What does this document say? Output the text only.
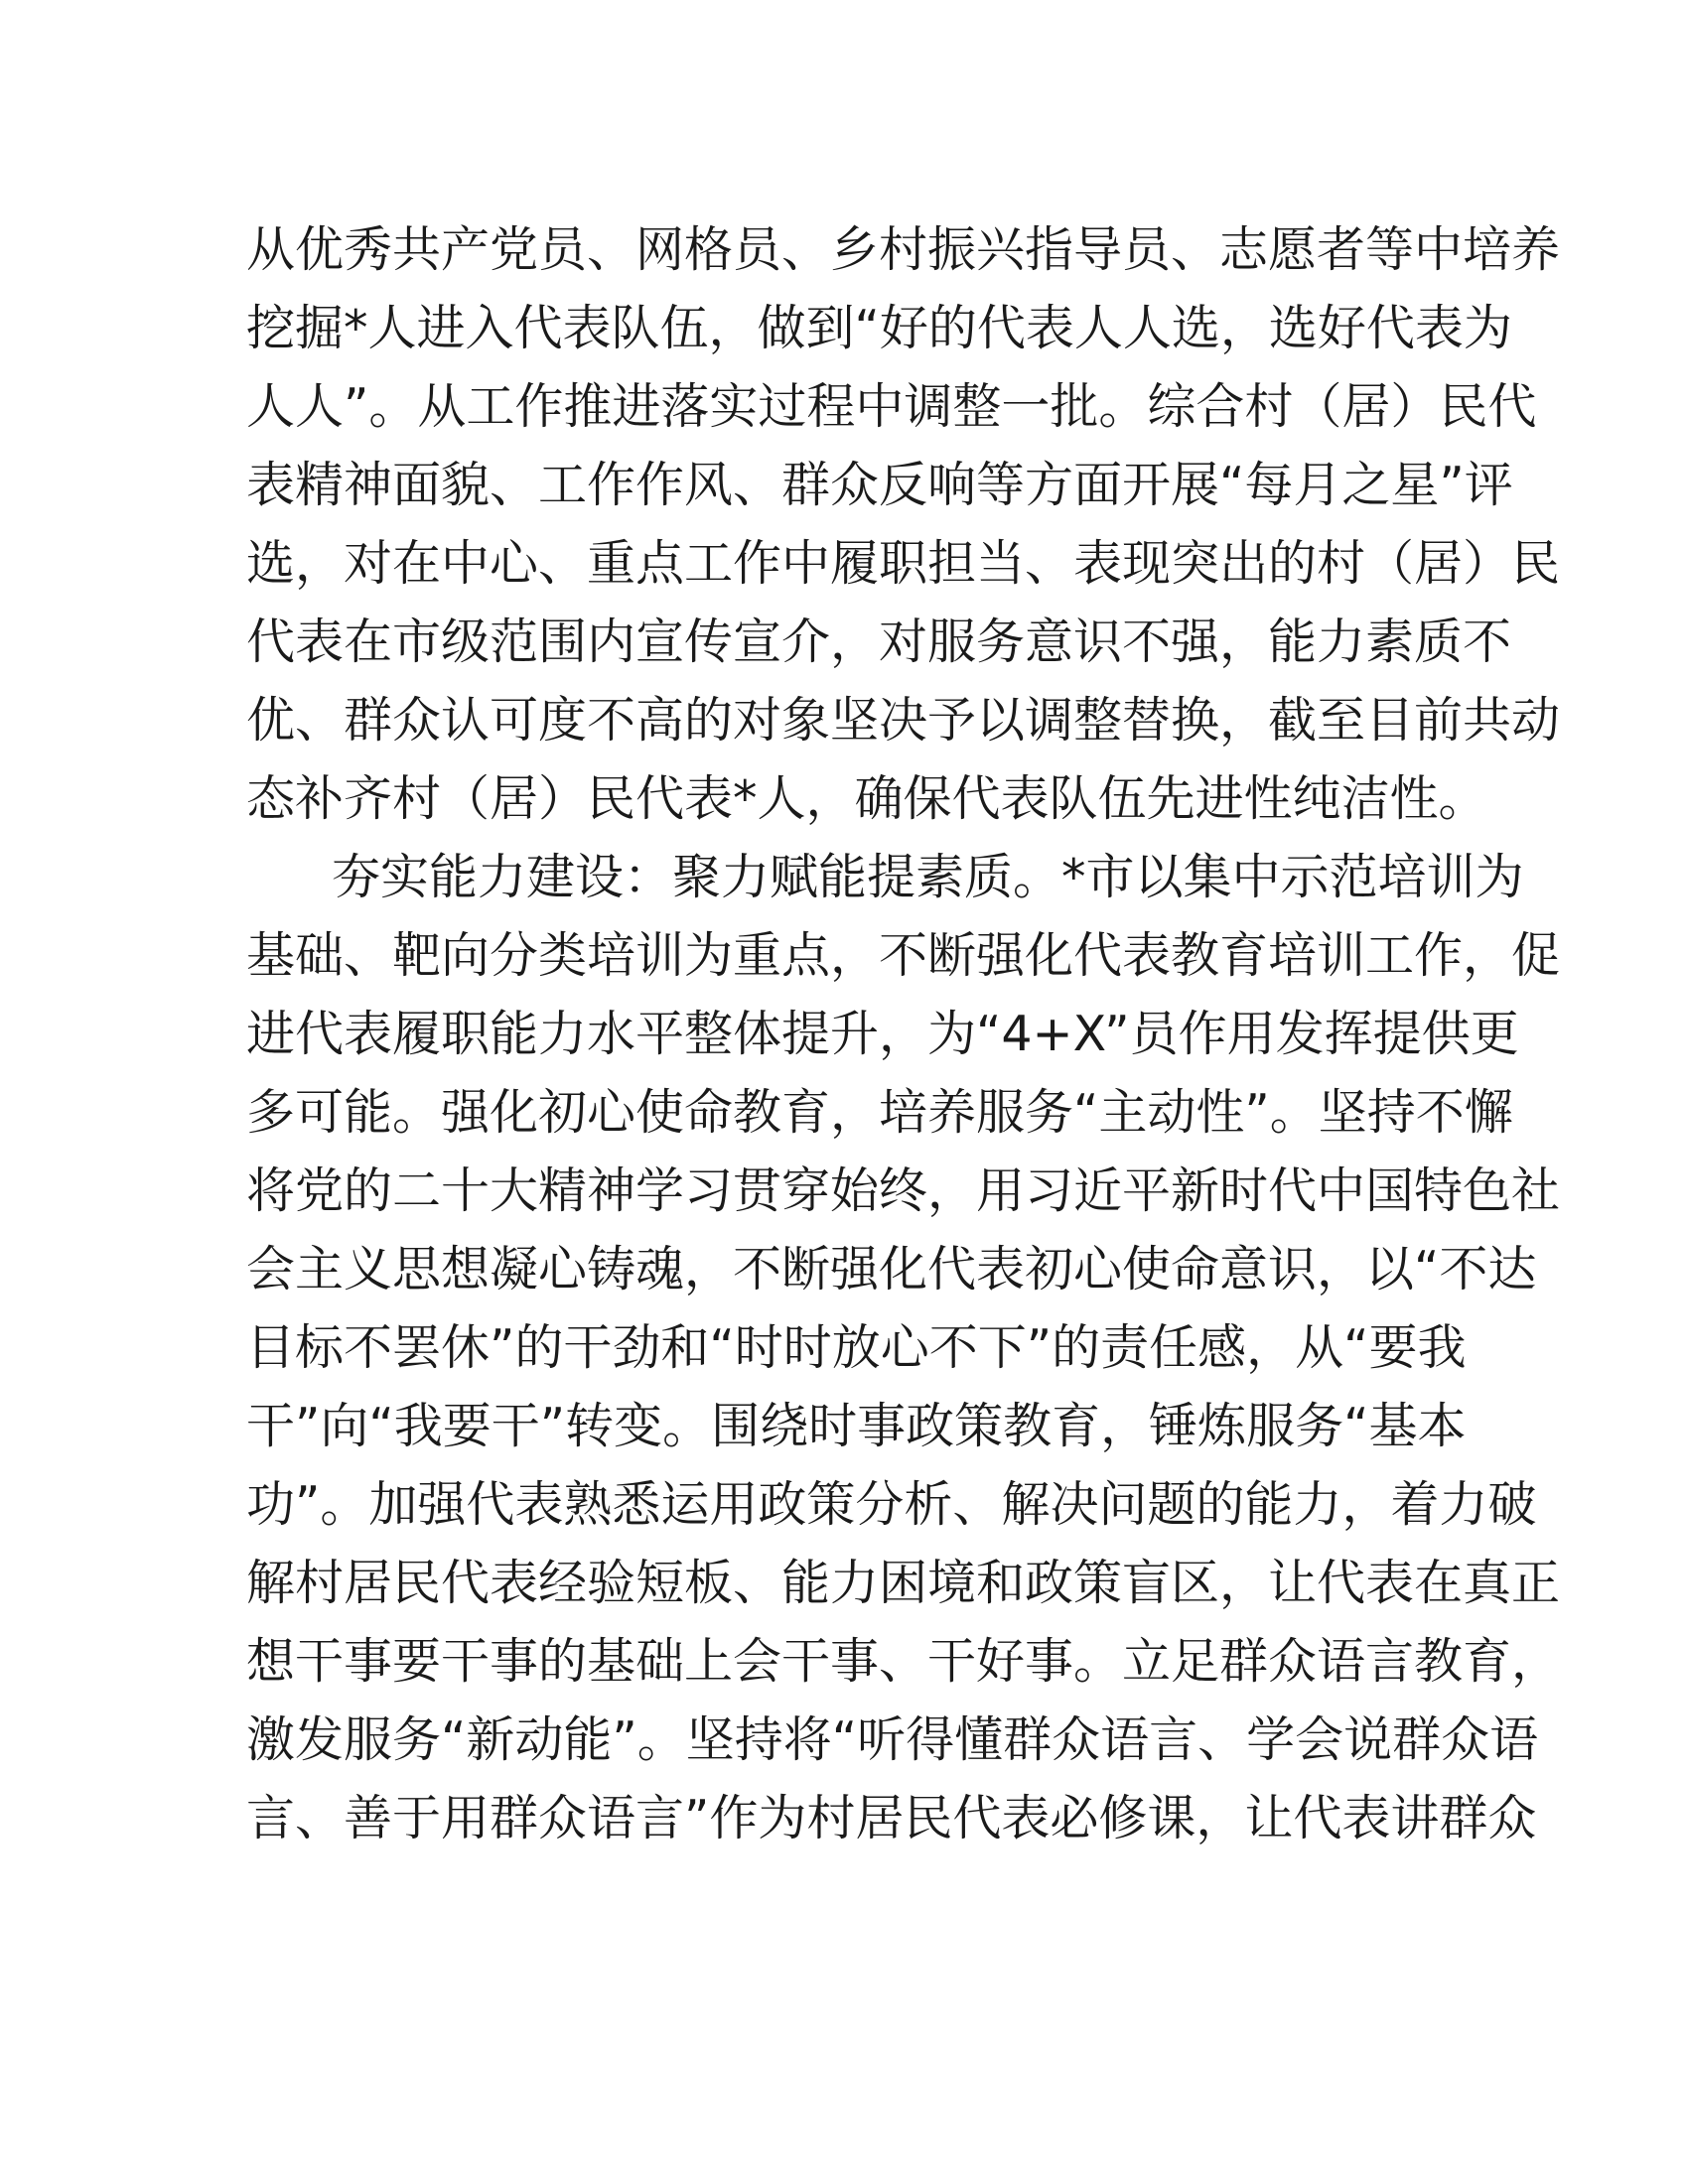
从优秀共产党员、网格员、乡村振兴指导员、志愿者等中培养
挖掘*人进入代表队伍，做到“好的代表人人选，选好代表为
人人”。从工作推进落实过程中调整一批。综合村（居）民代
表精神面貌、工作作风、群众反响等方面开展“每月之星”评
选，对在中心、重点工作中履职担当、表现突出的村（居）民
代表在市级范围内宣传宣介，对服务意识不强，能力素质不
优、群众认可度不高的对象坚决予以调整替换，截至目前共动
态补齐村（居）民代表*人，确保代表队伍先进性纯洁性。
夯实能力建设：聚力赋能提素质。*市以集中示范培训为
基础、靶向分类培训为重点，不断强化代表教育培训工作，促
进代表履职能力水平整体提升，为“4+X”员作用发挥提供更
多可能。强化初心使命教育，培养服务“主动性”。坚持不懈
将党的二十大精神学习贯穿始终，用习近平新时代中国特色社
会主义思想凝心铸魂，不断强化代表初心使命意识，以“不达
目标不罢休”的干劲和“时时放心不下”的责任感，从“要我
干”向“我要干”转变。围绕时事政策教育，锤炼服务“基本
功”。加强代表熟悉运用政策分析、解决问题的能力，着力破
解村居民代表经验短板、能力困境和政策盲区，让代表在真正
想干事要干事的基础上会干事、干好事。立足群众语言教育，
激发服务“新动能”。坚持将“听得懂群众语言、学会说群众语
言、善于用群众语言”作为村居民代表必修课，让代表讲群众
